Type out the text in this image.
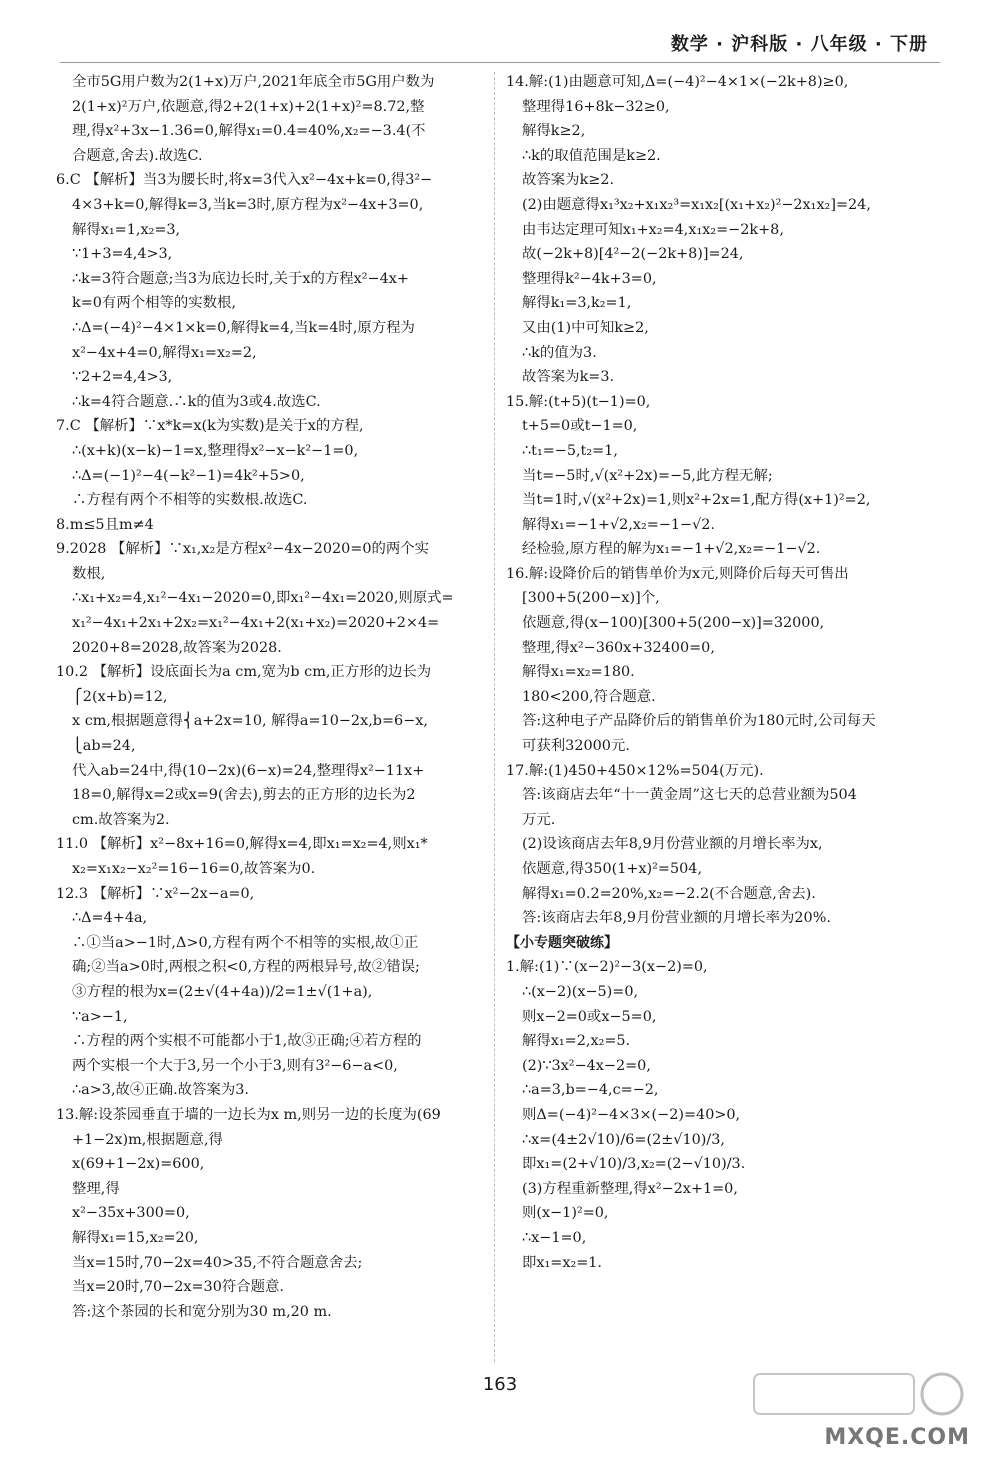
数学 · 沪科版 · 八年级 · 下册
全市5G用户数为2(1+x)万户,2021年底全市5G用户数为
2(1+x)²万户,依题意,得2+2(1+x)+2(1+x)²=8.72,整
理,得x²+3x−1.36=0,解得x₁=0.4=40%,x₂=−3.4(不
合题意,舍去).故选C.
6.C 【解析】当3为腰长时,将x=3代入x²−4x+k=0,得3²−
4×3+k=0,解得k=3,当k=3时,原方程为x²−4x+3=0,
解得x₁=1,x₂=3,
∵1+3=4,4>3,
∴k=3符合题意;当3为底边长时,关于x的方程x²−4x+
k=0有两个相等的实数根,
∴Δ=(−4)²−4×1×k=0,解得k=4,当k=4时,原方程为
x²−4x+4=0,解得x₁=x₂=2,
∵2+2=4,4>3,
∴k=4符合题意.∴k的值为3或4.故选C.
7.C 【解析】∵x*k=x(k为实数)是关于x的方程,
∴(x+k)(x−k)−1=x,整理得x²−x−k²−1=0,
∴Δ=(−1)²−4(−k²−1)=4k²+5>0,
∴方程有两个不相等的实数根.故选C.
8.m≤5且m≠4
9.2028 【解析】∵x₁,x₂是方程x²−4x−2020=0的两个实
数根,
∴x₁+x₂=4,x₁²−4x₁−2020=0,即x₁²−4x₁=2020,则原式=
x₁²−4x₁+2x₁+2x₂=x₁²−4x₁+2(x₁+x₂)=2020+2×4=
2020+8=2028,故答案为2028.
10.2 【解析】设底面长为a cm,宽为b cm,正方形的边长为
⎧2(x+b)=12,
x cm,根据题意得⎨a+2x=10, 解得a=10−2x,b=6−x,
⎩ab=24,
代入ab=24中,得(10−2x)(6−x)=24,整理得x²−11x+
18=0,解得x=2或x=9(舍去),剪去的正方形的边长为2
cm.故答案为2.
11.0 【解析】x²−8x+16=0,解得x=4,即x₁=x₂=4,则x₁*
x₂=x₁x₂−x₂²=16−16=0,故答案为0.
12.3 【解析】∵x²−2x−a=0,
∴Δ=4+4a,
∴①当a>−1时,Δ>0,方程有两个不相等的实根,故①正
确;②当a>0时,两根之积<0,方程的两根异号,故②错误;
③方程的根为x=(2±√(4+4a))/2=1±√(1+a),
∵a>−1,
∴方程的两个实根不可能都小于1,故③正确;④若方程的
两个实根一个大于3,另一个小于3,则有3²−6−a<0,
∴a>3,故④正确.故答案为3.
13.解:设茶园垂直于墙的一边长为x m,则另一边的长度为(69
+1−2x)m,根据题意,得
x(69+1−2x)=600,
整理,得
x²−35x+300=0,
解得x₁=15,x₂=20,
当x=15时,70−2x=40>35,不符合题意舍去;
当x=20时,70−2x=30符合题意.
答:这个茶园的长和宽分别为30 m,20 m.
14.解:(1)由题意可知,Δ=(−4)²−4×1×(−2k+8)≥0,
整理得16+8k−32≥0,
解得k≥2,
∴k的取值范围是k≥2.
故答案为k≥2.
(2)由题意得x₁³x₂+x₁x₂³=x₁x₂[(x₁+x₂)²−2x₁x₂]=24,
由韦达定理可知x₁+x₂=4,x₁x₂=−2k+8,
故(−2k+8)[4²−2(−2k+8)]=24,
整理得k²−4k+3=0,
解得k₁=3,k₂=1,
又由(1)中可知k≥2,
∴k的值为3.
故答案为k=3.
15.解:(t+5)(t−1)=0,
t+5=0或t−1=0,
∴t₁=−5,t₂=1,
当t=−5时,√(x²+2x)=−5,此方程无解;
当t=1时,√(x²+2x)=1,则x²+2x=1,配方得(x+1)²=2,
解得x₁=−1+√2,x₂=−1−√2.
经检验,原方程的解为x₁=−1+√2,x₂=−1−√2.
16.解:设降价后的销售单价为x元,则降价后每天可售出
[300+5(200−x)]个,
依题意,得(x−100)[300+5(200−x)]=32000,
整理,得x²−360x+32400=0,
解得x₁=x₂=180.
180<200,符合题意.
答:这种电子产品降价后的销售单价为180元时,公司每天
可获利32000元.
17.解:(1)450+450×12%=504(万元).
答:该商店去年“十一黄金周”这七天的总营业额为504
万元.
(2)设该商店去年8,9月份营业额的月增长率为x,
依题意,得350(1+x)²=504,
解得x₁=0.2=20%,x₂=−2.2(不合题意,舍去).
答:该商店去年8,9月份营业额的月增长率为20%.
【小专题突破练】
1.解:(1)∵(x−2)²−3(x−2)=0,
∴(x−2)(x−5)=0,
则x−2=0或x−5=0,
解得x₁=2,x₂=5.
(2)∵3x²−4x−2=0,
∴a=3,b=−4,c=−2,
则Δ=(−4)²−4×3×(−2)=40>0,
∴x=(4±2√10)/6=(2±√10)/3,
即x₁=(2+√10)/3,x₂=(2−√10)/3.
(3)方程重新整理,得x²−2x+1=0,
则(x−1)²=0,
∴x−1=0,
即x₁=x₂=1.
163
MXQE.COM
